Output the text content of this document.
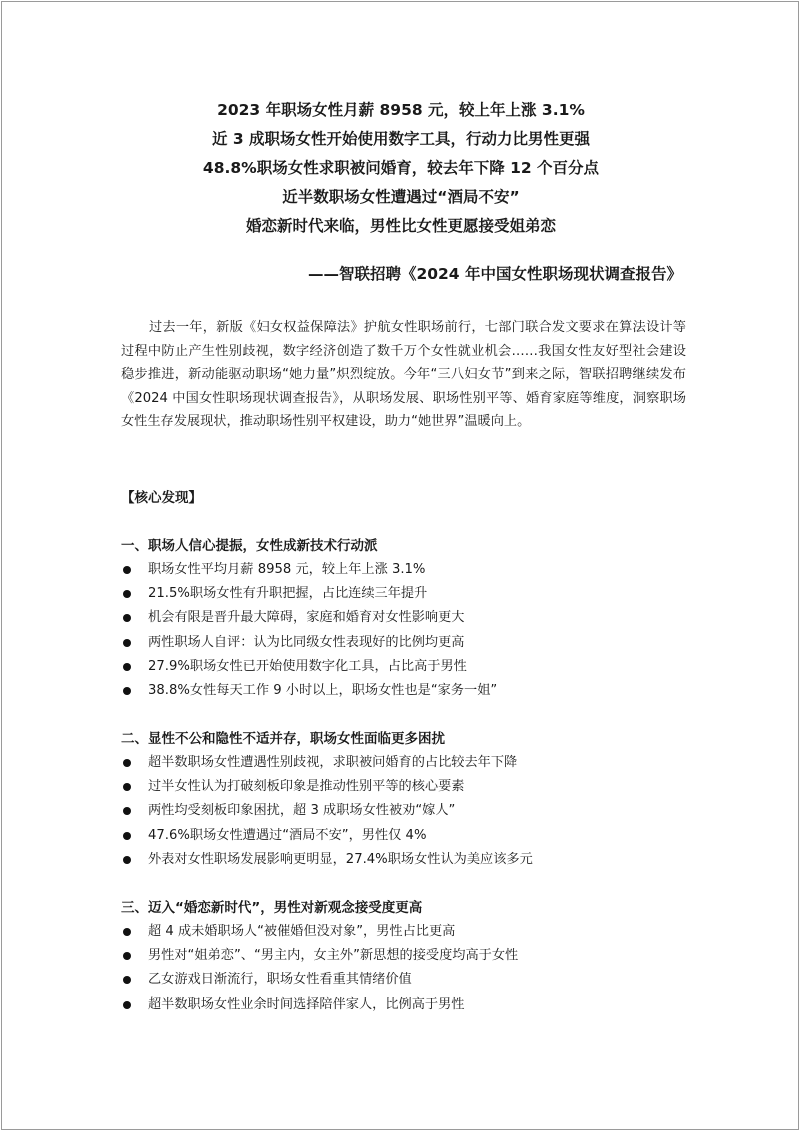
2023 年职场女性月薪 8958 元，较上年上涨 3.1%
近 3 成职场女性开始使用数字工具，行动力比男性更强
48.8%职场女性求职被问婚育，较去年下降 12 个百分点
近半数职场女性遭遇过“酒局不安”
婚恋新时代来临，男性比女性更愿接受姐弟恋
——智联招聘《2024 年中国女性职场现状调查报告》

过去一年，新版《妇女权益保障法》护航女性职场前行，七部门联合发文要求在算法设计等过程中防止产生性别歧视，数字经济创造了数千万个女性就业机会……我国女性友好型社会建设稳步推进，新动能驱动职场“她力量”炽烈绽放。今年“三八妇女节”到来之际，智联招聘继续发布《2024 中国女性职场现状调查报告》，从职场发展、职场性别平等、婚育家庭等维度，洞察职场女性生存发展现状，推动职场性别平权建设，助力“她世界”温暖向上。

【核心发现】
一、职场人信心提振，女性成新技术行动派
职场女性平均月薪 8958 元，较上年上涨 3.1%
21.5%职场女性有升职把握，占比连续三年提升
机会有限是晋升最大障碍，家庭和婚育对女性影响更大
两性职场人自评：认为比同级女性表现好的比例均更高
27.9%职场女性已开始使用数字化工具，占比高于男性
38.8%女性每天工作 9 小时以上，职场女性也是“家务一姐”
二、显性不公和隐性不适并存，职场女性面临更多困扰
超半数职场女性遭遇性别歧视，求职被问婚育的占比较去年下降
过半女性认为打破刻板印象是推动性别平等的核心要素
两性均受刻板印象困扰，超 3 成职场女性被劝“嫁人”
47.6%职场女性遭遇过“酒局不安”，男性仅 4%
外表对女性职场发展影响更明显，27.4%职场女性认为美应该多元
三、迈入“婚恋新时代”，男性对新观念接受度更高
超 4 成未婚职场人“被催婚但没对象”，男性占比更高
男性对“姐弟恋”、“男主内，女主外”新思想的接受度均高于女性
乙女游戏日渐流行，职场女性看重其情绪价值
超半数职场女性业余时间选择陪伴家人，比例高于男性
